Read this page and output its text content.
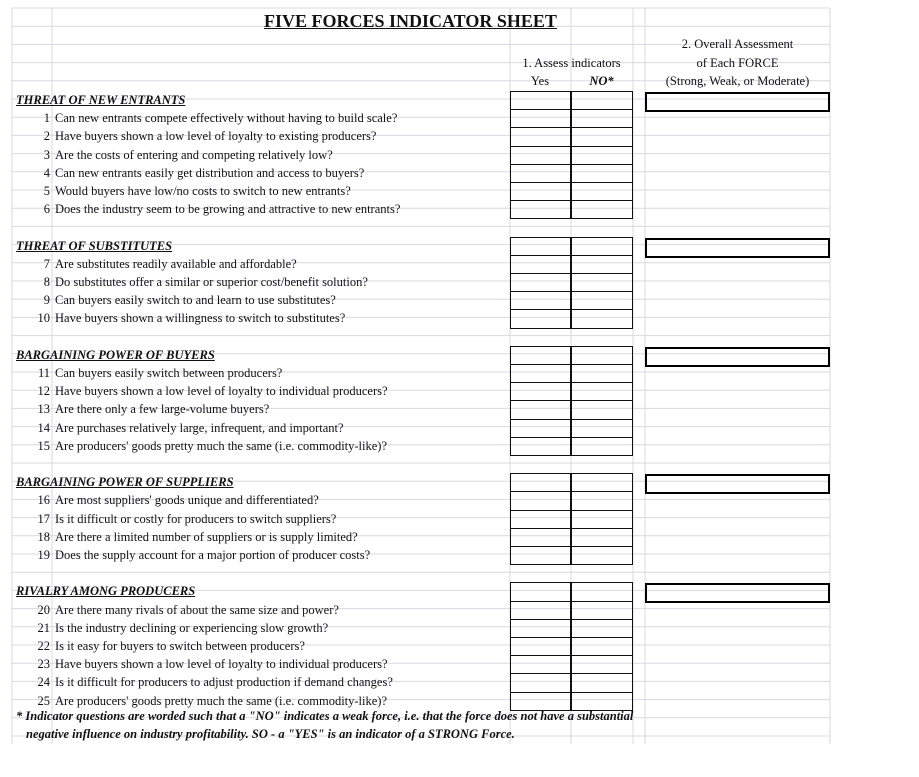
FIVE FORCES INDICATOR SHEET
1. Assess indicators
Yes	NO*
2. Overall Assessment
of Each FORCE
(Strong, Weak, or Moderate)
THREAT OF NEW ENTRANTS
1 Can new entrants compete effectively without having to build scale?
2 Have buyers shown a low level of loyalty to existing producers?
3 Are the costs of entering and competing relatively low?
4 Can new entrants easily get distribution and access to buyers?
5 Would buyers have low/no costs to switch to new entrants?
6 Does the industry seem to be growing and attractive to new entrants?
THREAT OF SUBSTITUTES
7 Are substitutes readily available and affordable?
8 Do substitutes offer a similar or superior cost/benefit solution?
9 Can buyers easily switch to and learn to use substitutes?
10 Have buyers shown a willingness to switch to substitutes?
BARGAINING POWER OF BUYERS
11 Can buyers easily switch between producers?
12 Have buyers shown a low level of loyalty to individual producers?
13 Are there only a few large-volume buyers?
14 Are purchases relatively large, infrequent, and important?
15 Are producers' goods pretty much the same (i.e. commodity-like)?
BARGAINING POWER OF SUPPLIERS
16 Are most suppliers' goods unique and differentiated?
17 Is it difficult or costly for producers to switch suppliers?
18 Are there a limited number of suppliers or is supply limited?
19 Does the supply account for a major portion of producer costs?
RIVALRY AMONG PRODUCERS
20 Are there many rivals of about the same size and power?
21 Is the industry declining or experiencing slow growth?
22 Is it easy for buyers to switch between producers?
23 Have buyers shown a low level of loyalty to individual producers?
24 Is it difficult for producers to adjust production if demand changes?
25 Are producers' goods pretty much the same (i.e. commodity-like)?
* Indicator questions are worded such that a "NO" indicates a weak force, i.e. that the force does not have a substantial
negative influence on industry profitability. SO - a "YES" is an indicator of a STRONG Force.
